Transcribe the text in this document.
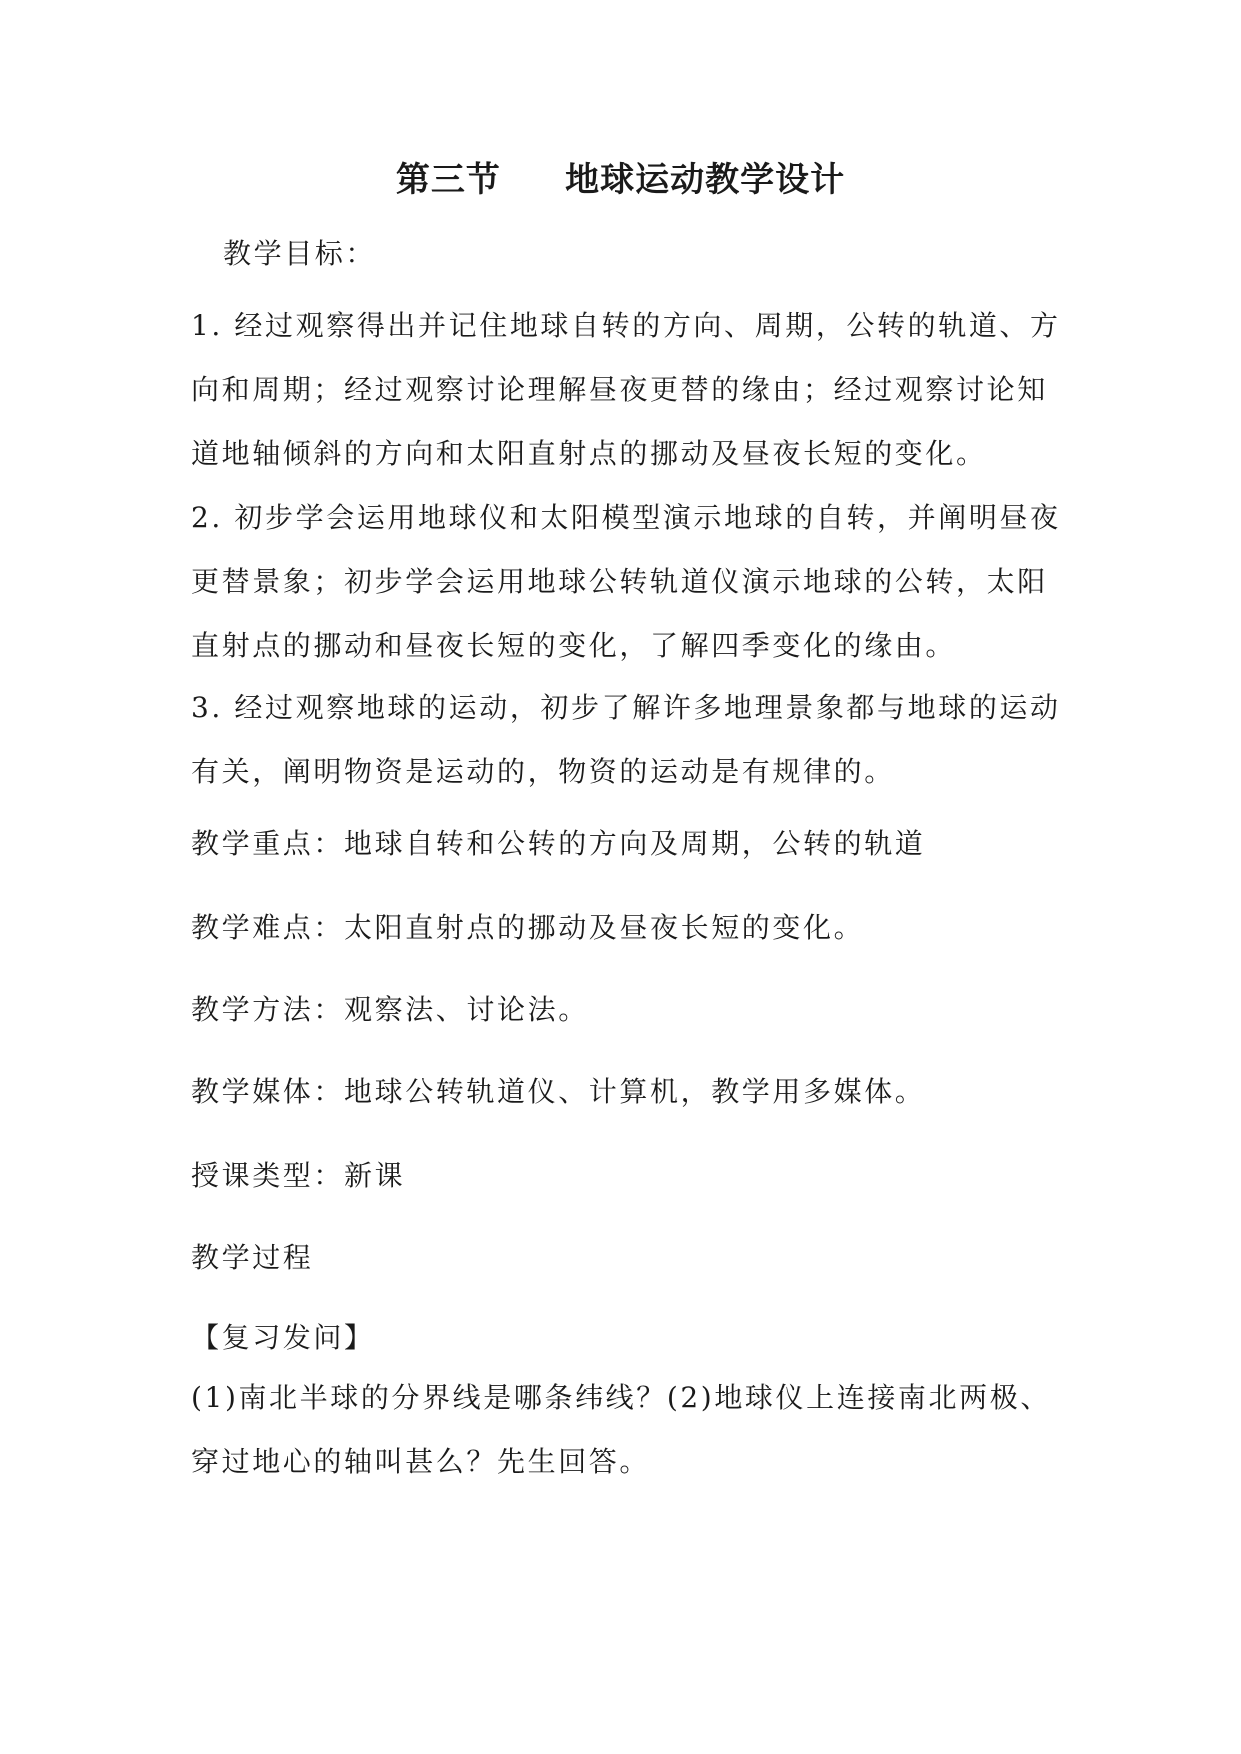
第三节     地球运动教学设计

教学目标：

1. 经过观察得出并记住地球自转的方向、周期，公转的轨道、方向和周期；经过观察讨论理解昼夜更替的缘由；经过观察讨论知道地轴倾斜的方向和太阳直射点的挪动及昼夜长短的变化。

2. 初步学会运用地球仪和太阳模型演示地球的自转，并阐明昼夜更替景象；初步学会运用地球公转轨道仪演示地球的公转，太阳直射点的挪动和昼夜长短的变化，了解四季变化的缘由。

3. 经过观察地球的运动，初步了解许多地理景象都与地球的运动有关，阐明物资是运动的，物资的运动是有规律的。

教学重点：地球自转和公转的方向及周期，公转的轨道

教学难点：太阳直射点的挪动及昼夜长短的变化。

教学方法：观察法、讨论法。

教学媒体：地球公转轨道仪、计算机，教学用多媒体。

授课类型：新课

教学过程

【复习发问】

(1)南北半球的分界线是哪条纬线？(2)地球仪上连接南北两极、穿过地心的轴叫甚么？先生回答。
